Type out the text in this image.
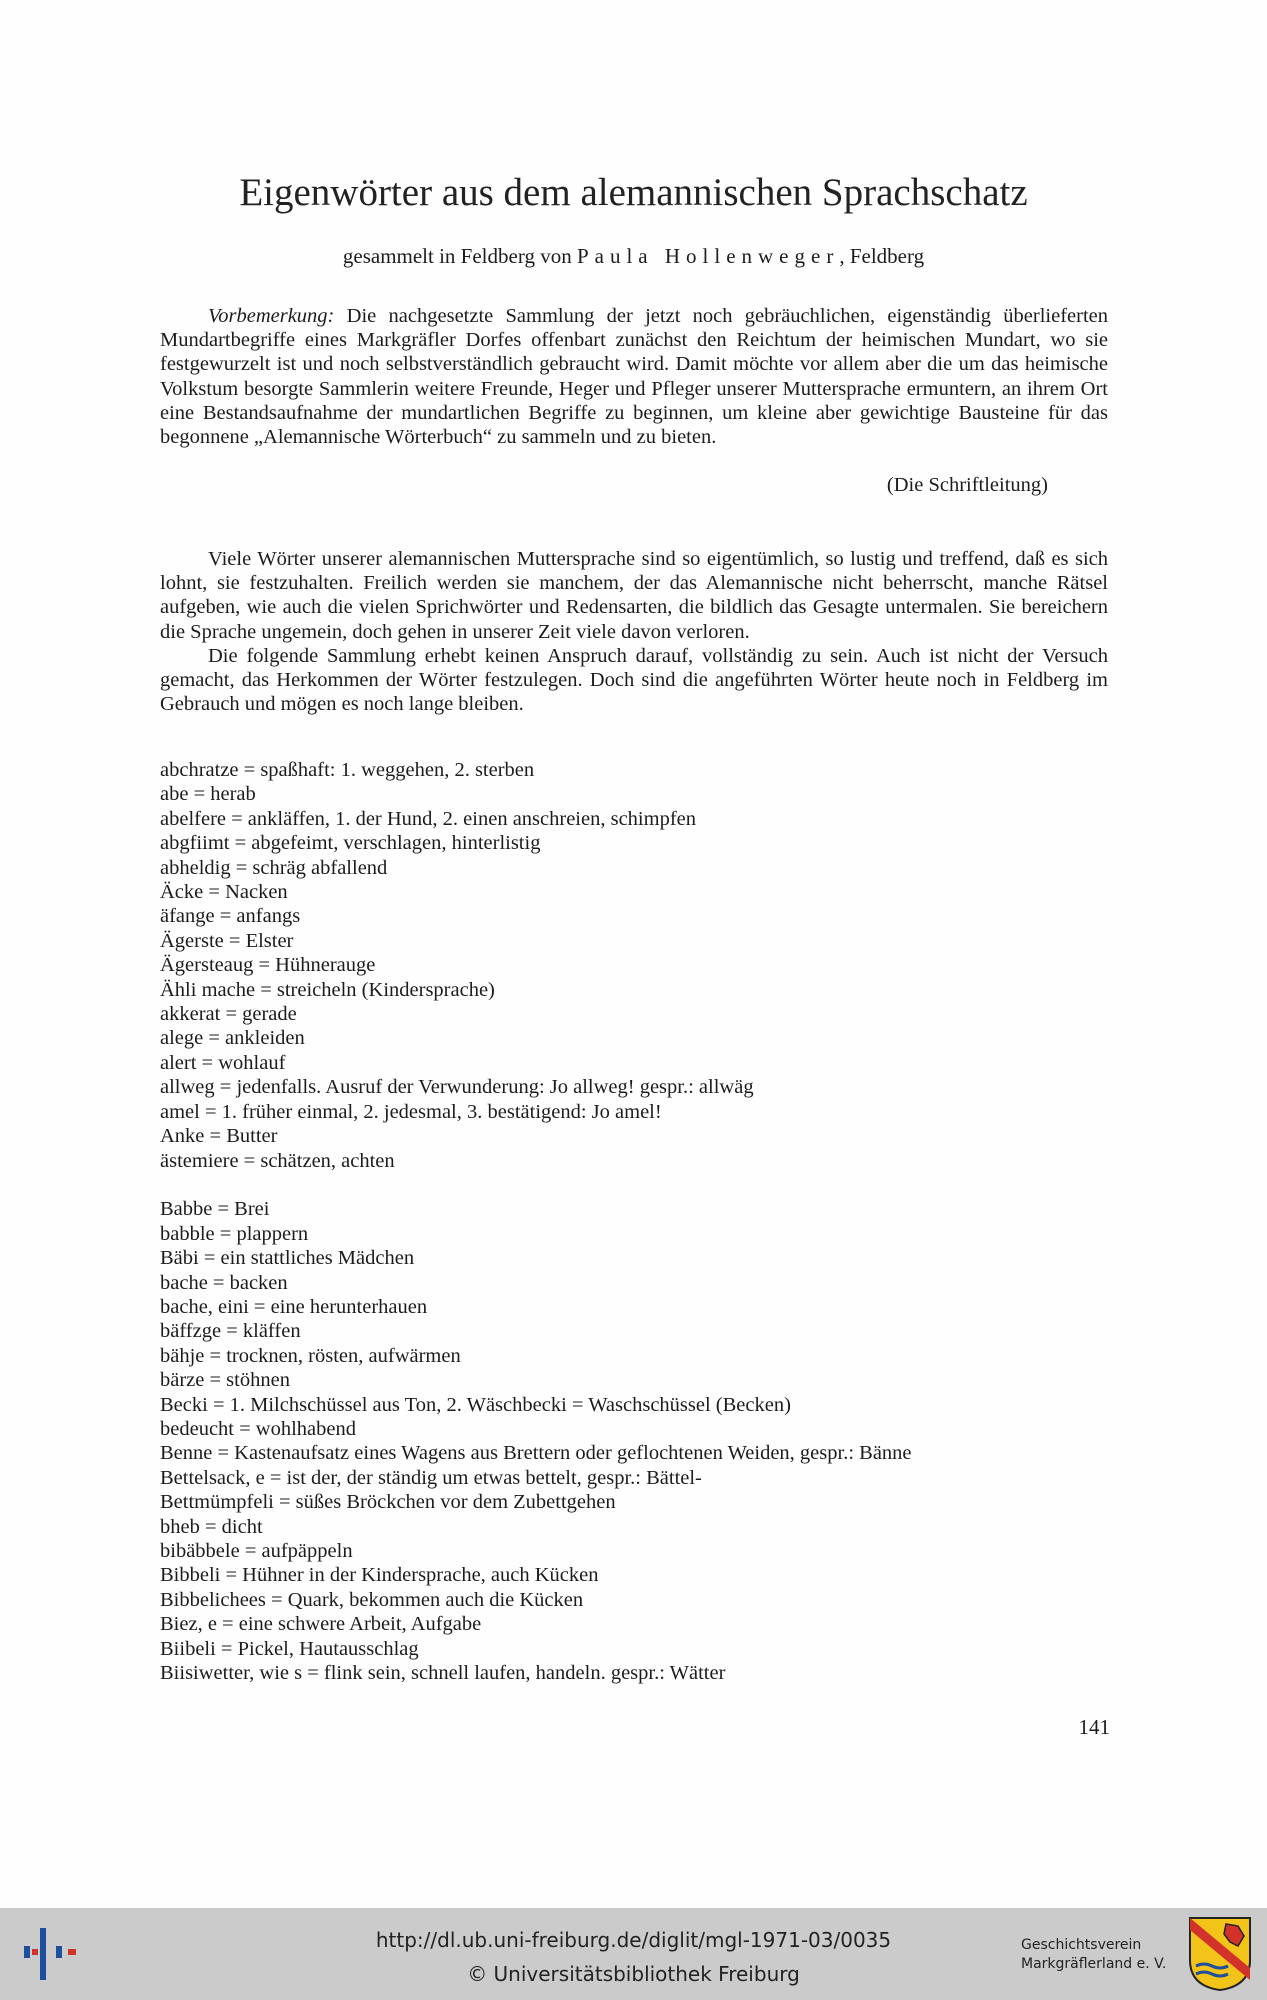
Eigenwörter aus dem alemannischen Sprachschatz
gesammelt in Feldberg von Paula Hollenweger, Feldberg

Vorbemerkung: Die nachgesetzte Sammlung der jetzt noch gebräuchlichen, eigenständig überlieferten Mundartbegriffe eines Markgräfler Dorfes offenbart zunächst den Reichtum der heimischen Mundart, wo sie festgewurzelt ist und noch selbstverständlich gebraucht wird. Damit möchte vor allem aber die um das heimische Volkstum besorgte Sammlerin weitere Freunde, Heger und Pfleger unserer Muttersprache ermuntern, an ihrem Ort eine Bestandsaufnahme der mundartlichen Begriffe zu beginnen, um kleine aber gewichtige Bausteine für das begonnene „Alemannische Wörterbuch“ zu sammeln und zu bieten.

(Die Schriftleitung)

Viele Wörter unserer alemannischen Muttersprache sind so eigentümlich, so lustig und treffend, daß es sich lohnt, sie festzuhalten. Freilich werden sie manchem, der das Alemannische nicht beherrscht, manche Rätsel aufgeben, wie auch die vielen Sprichwörter und Redensarten, die bildlich das Gesagte untermalen. Sie bereichern die Sprache ungemein, doch gehen in unserer Zeit viele davon verloren.

Die folgende Sammlung erhebt keinen Anspruch darauf, vollständig zu sein. Auch ist nicht der Versuch gemacht, das Herkommen der Wörter festzulegen. Doch sind die angeführten Wörter heute noch in Feldberg im Gebrauch und mögen es noch lange bleiben.

abchratze = spaßhaft: 1. weggehen, 2. sterben
abe = herab
abelfere = ankläffen, 1. der Hund, 2. einen anschreien, schimpfen
abgfiimt = abgefeimt, verschlagen, hinterlistig
abheldig = schräg abfallend
Äcke = Nacken
äfange = anfangs
Ägerste = Elster
Ägersteaug = Hühnerauge
Ähli mache = streicheln (Kindersprache)
akkerat = gerade
alege = ankleiden
alert = wohlauf
allweg = jedenfalls. Ausruf der Verwunderung: Jo allweg! gespr.: allwäg
amel = 1. früher einmal, 2. jedesmal, 3. bestätigend: Jo amel!
Anke = Butter
ästemiere = schätzen, achten
Babbe = Brei
babble = plappern
Bäbi = ein stattliches Mädchen
bache = backen
bache, eini = eine herunterhauen
bäffzge = kläffen
bähje = trocknen, rösten, aufwärmen
bärze = stöhnen
Becki = 1. Milchschüssel aus Ton, 2. Wäschbecki = Waschschüssel (Becken)
bedeucht = wohlhabend
Benne = Kastenaufsatz eines Wagens aus Brettern oder geflochtenen Weiden, gespr.: Bänne
Bettelsack, e = ist der, der ständig um etwas bettelt, gespr.: Bättel-
Bettmümpfeli = süßes Bröckchen vor dem Zubettgehen
bheb = dicht
bibäbbele = aufpäppeln
Bibbeli = Hühner in der Kindersprache, auch Kücken
Bibbelichees = Quark, bekommen auch die Kücken
Biez, e = eine schwere Arbeit, Aufgabe
Biibeli = Pickel, Hautausschlag
Biisiwetter, wie s = flink sein, schnell laufen, handeln. gespr.: Wätter
141
http://dl.ub.uni-freiburg.de/diglit/mgl-1971-03/0035
© Universitätsbibliothek Freiburg
Geschichtsverein
Markgräflerland e. V.
